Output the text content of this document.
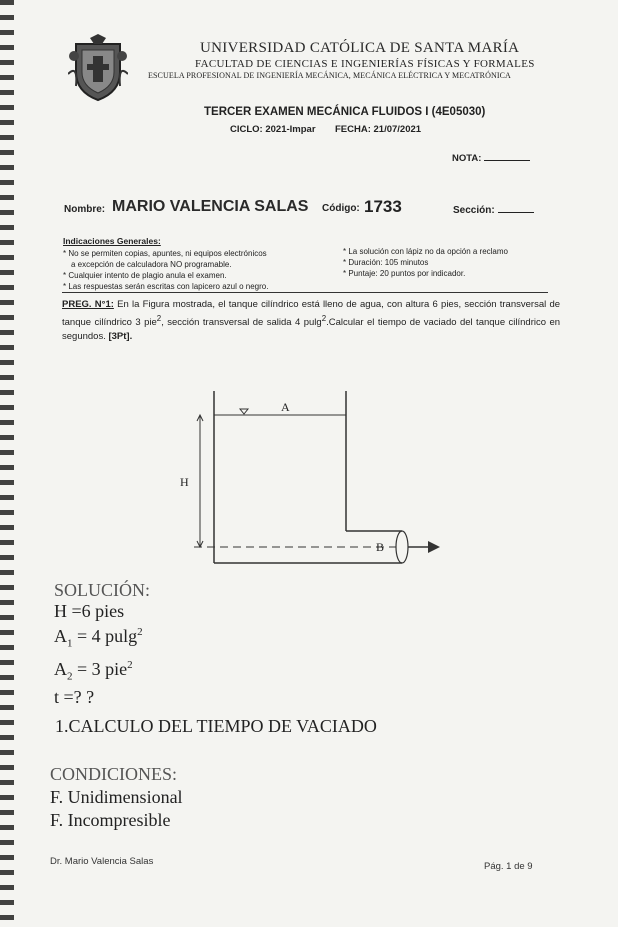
UNIVERSIDAD CATÓLICA DE SANTA MARÍA
FACULTAD DE CIENCIAS E INGENIERÍAS FÍSICAS Y FORMALES
ESCUELA PROFESIONAL DE INGENIERÍA MECÁNICA, MECÁNICA ELÉCTRICA Y MECATRÓNICA
TERCER EXAMEN MECÁNICA FLUIDOS I (4E05030)
CICLO: 2021-Impar FECHA: 21/07/2021
NOTA:
Nombre: MARIO VALENCIA SALAS Código: 1733	Sección:
Indicaciones Generales:
* No se permiten copias, apuntes, ni equipos electrónicos
a excepción de calculadora NO programable.
* Cualquier intento de plagio anula el examen.
* Las respuestas serán escritas con lapicero azul o negro.
* La solución con lápiz no da opción a reclamo
* Duración: 105 minutos
* Puntaje: 20 puntos por indicador.
PREG. N°1: En la Figura mostrada, el tanque cilíndrico está lleno de agua, con altura 6 pies, sección transversal de tanque cilíndrico 3 pie$^2$, sección transversal de salida 4 pulg$^2$.Calcular el tiempo de vaciado del tanque cilíndrico en segundos. [3Pt].
A
H
B
SOLUCIÓN:
H =6 pies
$A_1 = 4$ pulg$^2$
$A_2 = 3$ pie$^2$
t =? ?
1.CALCULO DEL TIEMPO DE VACIADO
CONDICIONES:
F. Unidimensional
F. Incompresible
Dr. Mario Valencia Salas	Pág. 1 de 9
